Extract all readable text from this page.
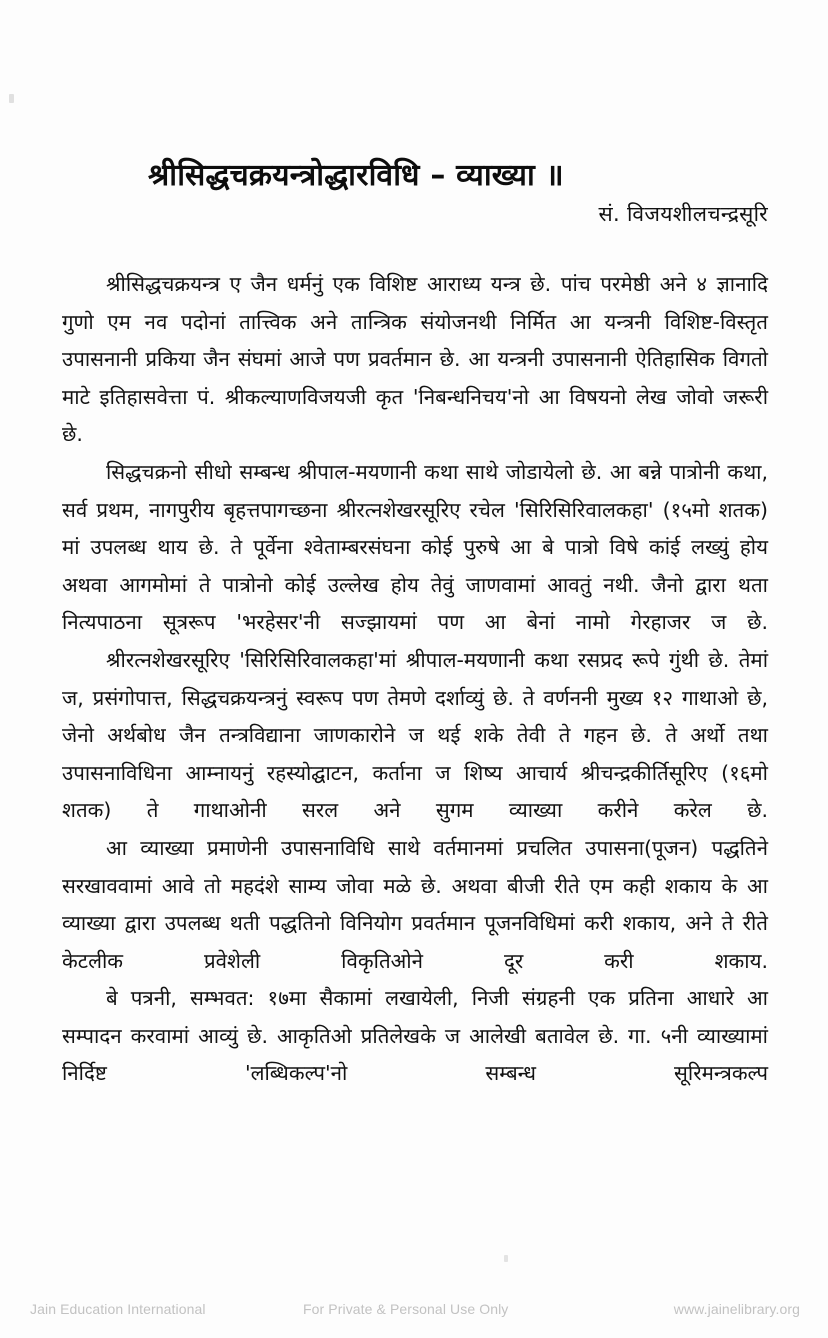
श्रीसिद्धचक्रयन्त्रोद्धारविधि – व्याख्या ॥
सं. विजयशीलचन्द्रसूरि

श्रीसिद्धचक्रयन्त्र ए जैन धर्मनुं एक विशिष्ट आराध्य यन्त्र छे. पांच परमेष्ठी अने ४ ज्ञानादि गुणो एम नव पदोनां तात्त्विक अने तान्त्रिक संयोजनथी निर्मित आ यन्त्रनी विशिष्ट-विस्तृत उपासनानी प्रकिया जैन संघमां आजे पण प्रवर्तमान छे. आ यन्त्रनी उपासनानी ऐतिहासिक विगतो माटे इतिहासवेत्ता पं. श्रीकल्याणविजयजी कृत 'निबन्धनिचय'नो आ विषयनो लेख जोवो जरूरी छे.

सिद्धचक्रनो सीधो सम्बन्ध श्रीपाल-मयणानी कथा साथे जोडायेलो छे. आ बन्ने पात्रोनी कथा, सर्व प्रथम, नागपुरीय बृहत्तपागच्छना श्रीरत्नशेखरसूरिए रचेल 'सिरिसिरिवालकहा' (१५मो शतक) मां उपलब्ध थाय छे. ते पूर्वेना श्वेताम्बरसंघना कोई पुरुषे आ बे पात्रो विषे कांई लख्युं होय अथवा आगमोमां ते पात्रोनो कोई उल्लेख होय तेवुं जाणवामां आवतुं नथी. जैनो द्वारा थता नित्यपाठना सूत्ररूप 'भरहेसर'नी सज्झायमां पण आ बेनां नामो गेरहाजर ज छे.

श्रीरत्नशेखरसूरिए 'सिरिसिरिवालकहा'मां श्रीपाल-मयणानी कथा रसप्रद रूपे गुंथी छे. तेमां ज, प्रसंगोपात्त, सिद्धचक्रयन्त्रनुं स्वरूप पण तेमणे दर्शाव्युं छे. ते वर्णननी मुख्य १२ गाथाओ छे, जेनो अर्थबोध जैन तन्त्रविद्याना जाणकारोने ज थई शके तेवी ते गहन छे. ते अर्थो तथा उपासनाविधिना आम्नायनुं रहस्योद्घाटन, कर्ताना ज शिष्य आचार्य श्रीचन्द्रकीर्तिसूरिए (१६मो शतक) ते गाथाओनी सरल अने सुगम व्याख्या करीने करेल छे.

आ व्याख्या प्रमाणेनी उपासनाविधि साथे वर्तमानमां प्रचलित उपासना(पूजन) पद्धतिने सरखाववामां आवे तो महदंशे साम्य जोवा मळे छे. अथवा बीजी रीते एम कही शकाय के आ व्याख्या द्वारा उपलब्ध थती पद्धतिनो विनियोग प्रवर्तमान पूजनविधिमां करी शकाय, अने ते रीते केटलीक प्रवेशेली विकृतिओने दूर करी शकाय.

बे पत्रनी, सम्भवत: १७मा सैकामां लखायेली, निजी संग्रहनी एक प्रतिना आधारे आ सम्पादन करवामां आव्युं छे. आकृतिओ प्रतिलेखके ज आलेखी बतावेल छे. गा. ५नी व्याख्यामां निर्दिष्ट 'लब्धिकल्प'नो सम्बन्ध सूरिमन्त्रकल्प

Jain Education International	For Private & Personal Use Only	www.jainelibrary.org
